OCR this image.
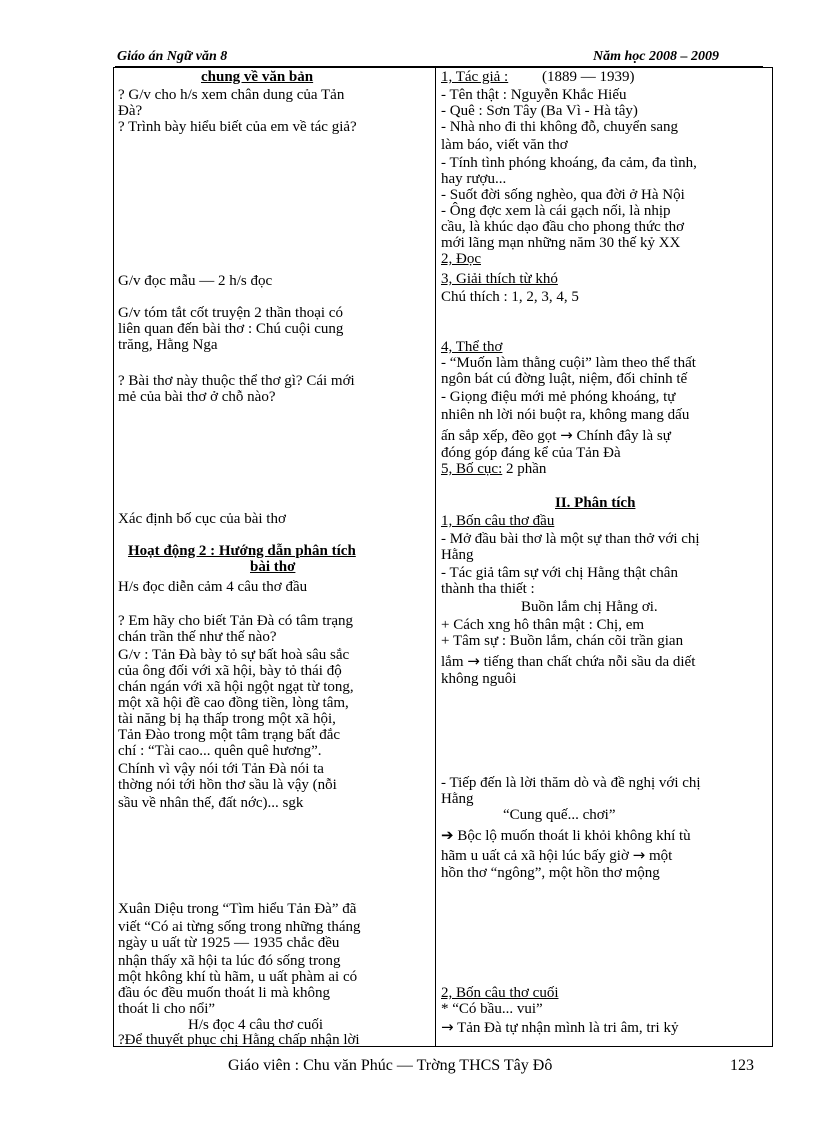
Giáo án Ngữ văn 8	Năm học 2008 – 2009
chung về văn bản
? G/v cho h/s xem chân dung của Tản
Đà?
? Trình bày hiểu biết của em về tác giả?
G/v đọc mẫu — 2 h/s đọc
G/v tóm tắt cốt truyện 2 thần thoại có
liên quan đến bài thơ : Chú cuội cung
trăng, Hằng Nga
? Bài thơ này thuộc thể thơ gì? Cái mới
mẻ của bài thơ ở chỗ nào?
Xác định bố cục của bài thơ
Hoạt động 2 : Hướng dẫn phân tích
bài thơ
H/s đọc diễn cảm 4 câu thơ đầu
? Em hãy cho biết Tản Đà có tâm trạng
chán trần thế như thế nào?
G/v : Tản Đà bày tỏ sự bất hoà sâu sắc
của ông đối với xã hội, bày tỏ thái độ
chán ngán với xã hội ngột ngạt từ tong,
một xã hội đề cao đồng tiền, lòng tâm,
tài năng bị hạ thấp trong một xã hội,
Tản Đào trong một tâm trạng bất đắc
chí : “Tài cao... quên quê hương”.
Chính vì vậy nói tới Tản Đà nói ta
thờng nói tới hồn thơ sầu là vậy (nỗi
sầu về nhân thế, đất nớc)... sgk
Xuân Diệu trong “Tìm hiểu Tản Đà” đã
viết “Có ai từng sống trong những tháng
ngày u uất từ 1925 — 1935 chắc đều
nhận thấy xã hội ta lúc đó sống trong
một hkông khí tù hãm, u uất phàm ai có
đầu óc đều muốn thoát li mà không
thoát li cho nổi”
H/s đọc 4 câu thơ cuối
?Để thuyết phục chị Hằng chấp nhận lời
1, Tác giả : (1889 — 1939)
- Tên thật : Nguyễn Khắc Hiếu
- Quê : Sơn Tây (Ba Vì - Hà tây)
- Nhà nho đi thi không đỗ, chuyển sang
làm báo, viết văn thơ
- Tính tình phóng khoáng, đa cảm, đa tình,
hay rượu...
- Suốt đời sống nghèo, qua đời ở Hà Nội
- Ông đợc xem là cái gạch nối, là nhịp
cầu, là khúc dạo đầu cho phong thức thơ
mới lãng mạn những năm 30 thế kỷ XX
2, Đọc
3, Giải thích từ khó
Chú thích : 1, 2, 3, 4, 5
4, Thể thơ
- “Muốn làm thằng cuội” làm theo thể thất
ngôn bát cú đờng luật, niệm, đối chỉnh tế
- Giọng điệu mới mẻ phóng khoáng, tự
nhiên nh lời nói buột ra, không mang dấu
ấn sắp xếp, đẽo gọt → Chính đây là sự
đóng góp đáng kể của Tản Đà
5, Bố cục: 2 phần
II. Phân tích
1, Bốn câu thơ đầu
- Mở đầu bài thơ là một sự than thở với chị
Hằng
- Tác giả tâm sự với chị Hằng thật chân
thành tha thiết :
Buồn lắm chị Hằng ơi.
+ Cách xng hô thân mật : Chị, em
+ Tâm sự : Buồn lắm, chán cõi trần gian
lắm → tiếng than chất chứa nỗi sầu da diết
không nguôi
- Tiếp đến là lời thăm dò và đề nghị với chị
Hằng
“Cung quế... chơi”
➔ Bộc lộ muốn thoát li khỏi không khí tù
hãm u uất cả xã hội lúc bấy giờ → một
hồn thơ “ngông”, một hồn thơ mộng
2, Bốn câu thơ cuối
* “Có bầu... vui”
→ Tản Đà tự nhận mình là tri âm, tri kỷ
Giáo viên : Chu văn Phúc — Trờng THCS Tây Đô	123
